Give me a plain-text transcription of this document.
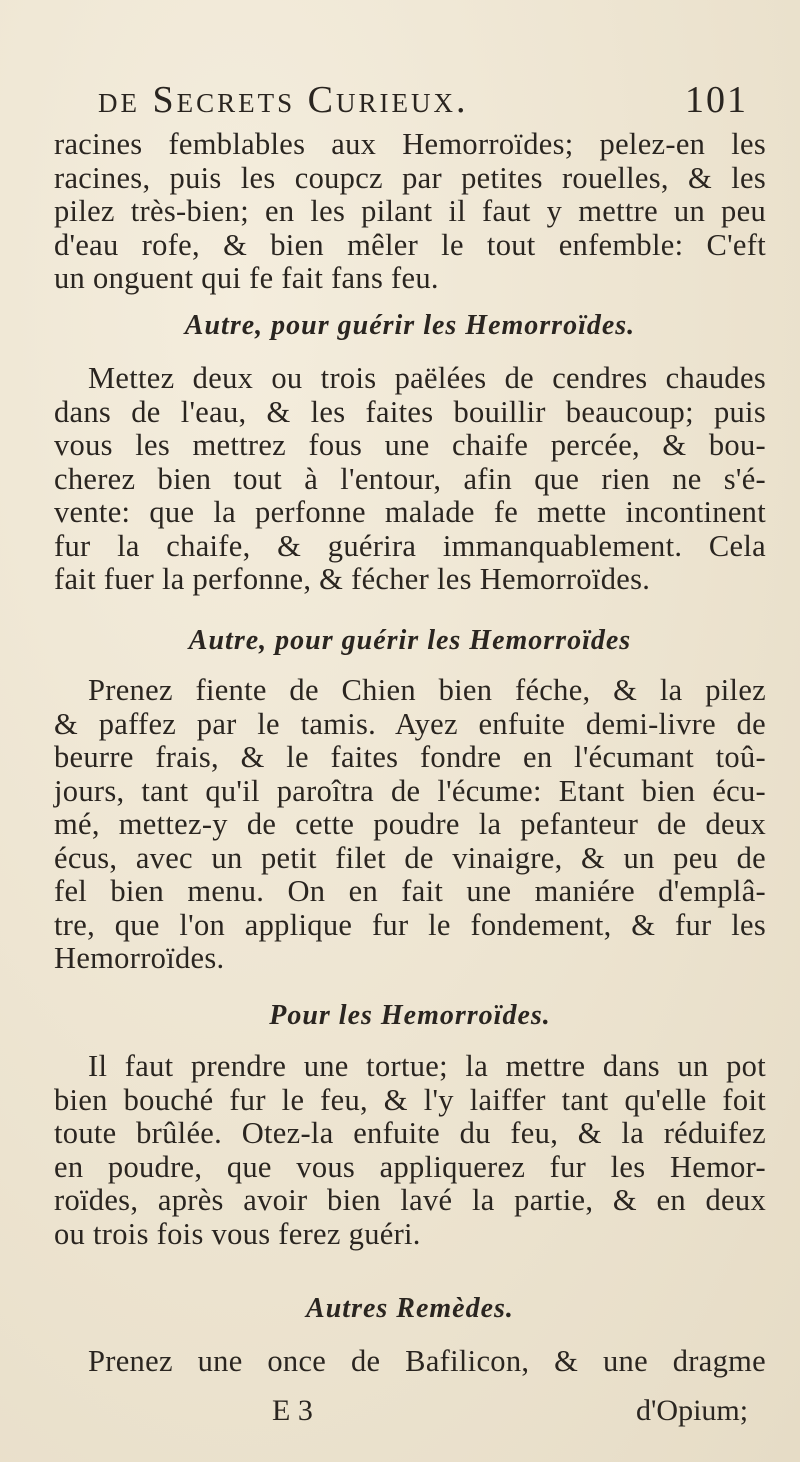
de Secrets Curieux.	101
racines femblables aux Hemorroïdes; pelez-en les
racines, puis les coupcz par petites rouelles, & les
pilez très-bien; en les pilant il faut y mettre un peu
d'eau rofe, & bien mêler le tout enfemble: C'eft
un onguent qui fe fait fans feu.
Autre, pour guérir les Hemorroïdes.
Mettez deux ou trois paëlées de cendres chaudes
dans de l'eau, & les faites bouillir beaucoup; puis
vous les mettrez fous une chaife percée, & bou-
cherez bien tout à l'entour, afin que rien ne s'é-
vente: que la perfonne malade fe mette incontinent
fur la chaife, & guérira immanquablement. Cela
fait fuer la perfonne, & fécher les Hemorroïdes.
Autre, pour guérir les Hemorroïdes
Prenez fiente de Chien bien féche, & la pilez
& paffez par le tamis. Ayez enfuite demi-livre de
beurre frais, & le faites fondre en l'écumant toû-
jours, tant qu'il paroîtra de l'écume: Etant bien écu-
mé, mettez-y de cette poudre la pefanteur de deux
écus, avec un petit filet de vinaigre, & un peu de
fel bien menu. On en fait une maniére d'emplâ-
tre, que l'on applique fur le fondement, & fur les
Hemorroïdes.
Pour les Hemorroïdes.
Il faut prendre une tortue; la mettre dans un pot
bien bouché fur le feu, & l'y laiffer tant qu'elle foit
toute brûlée. Otez-la enfuite du feu, & la réduifez
en poudre, que vous appliquerez fur les Hemor-
roïdes, après avoir bien lavé la partie, & en deux
ou trois fois vous ferez guéri.
Autres Remèdes.
Prenez une once de Bafilicon, & une dragme
E 3	d'Opium;
